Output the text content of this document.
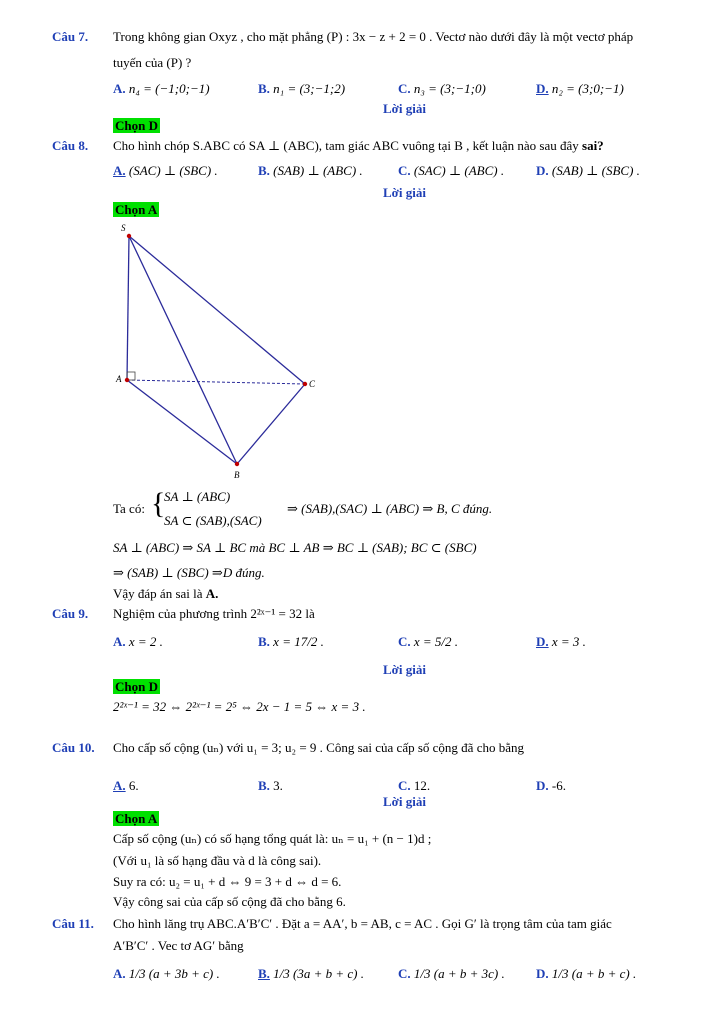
Câu 7. Trong không gian Oxyz , cho mặt phẳng (P) : 3x − z + 2 = 0 . Vectơ nào dưới đây là một vectơ pháp
tuyến của (P) ?
A. n₄ = (−1;0;−1)	B. n₁ = (3;−1;2)	C. n₃ = (3;−1;0)	D. n₂ = (3;0;−1)
Lời giải
Chọn D
Câu 8. Cho hình chóp S.ABC có SA ⊥ (ABC), tam giác ABC vuông tại B , kết luận nào sau đây sai?
A. (SAC) ⊥ (SBC) .	B. (SAB) ⊥ (ABC) .	C. (SAC) ⊥ (ABC) . D. (SAB) ⊥ (SBC) .
Lời giải
Chọn A
S
A	C
B
Ta có: {
SA ⊥ (ABC)
SA ⊂ (SAB),(SAC)
⇒ (SAB),(SAC) ⊥ (ABC) ⇒ B, C đúng.
SA ⊥ (ABC) ⇒ SA ⊥ BC mà BC ⊥ AB ⇒ BC ⊥ (SAB); BC ⊂ (SBC)
⇒ (SAB) ⊥ (SBC) ⇒D đúng.
Vậy đáp án sai là A.
Câu 9. Nghiệm của phương trình 2²ˣ⁻¹ = 32 là
A. x = 2 .	B. x = 17/2 .	C. x = 5/2 .	D. x = 3 .
Lời giải
Chọn D
2²ˣ⁻¹ = 32 ⇔ 2²ˣ⁻¹ = 2⁵ ⇔ 2x − 1 = 5 ⇔ x = 3 .
Câu 10. Cho cấp số cộng (uₙ) với u₁ = 3; u₂ = 9 . Công sai của cấp số cộng đã cho bằng
A. 6.	B. 3.	C. 12.	D. -6.
Lời giải
Chọn A
Cấp số cộng (uₙ) có số hạng tổng quát là: uₙ = u₁ + (n − 1)d ;
(Với u₁ là số hạng đầu và d là công sai).
Suy ra có: u₂ = u₁ + d ⇔ 9 = 3 + d ⇔ d = 6.
Vậy công sai của cấp số cộng đã cho bằng 6.
Câu 11. Cho hình lăng trụ ABC.A′B′C′ . Đặt a = AA′, b = AB, c = AC . Gọi G′ là trọng tâm của tam giác
A′B′C′ . Vec tơ AG′ bằng
A. 1/3 (a + 3b + c) .	B. 1/3 (3a + b + c) .	C. 1/3 (a + b + 3c) . D. 1/3 (a + b + c) .
